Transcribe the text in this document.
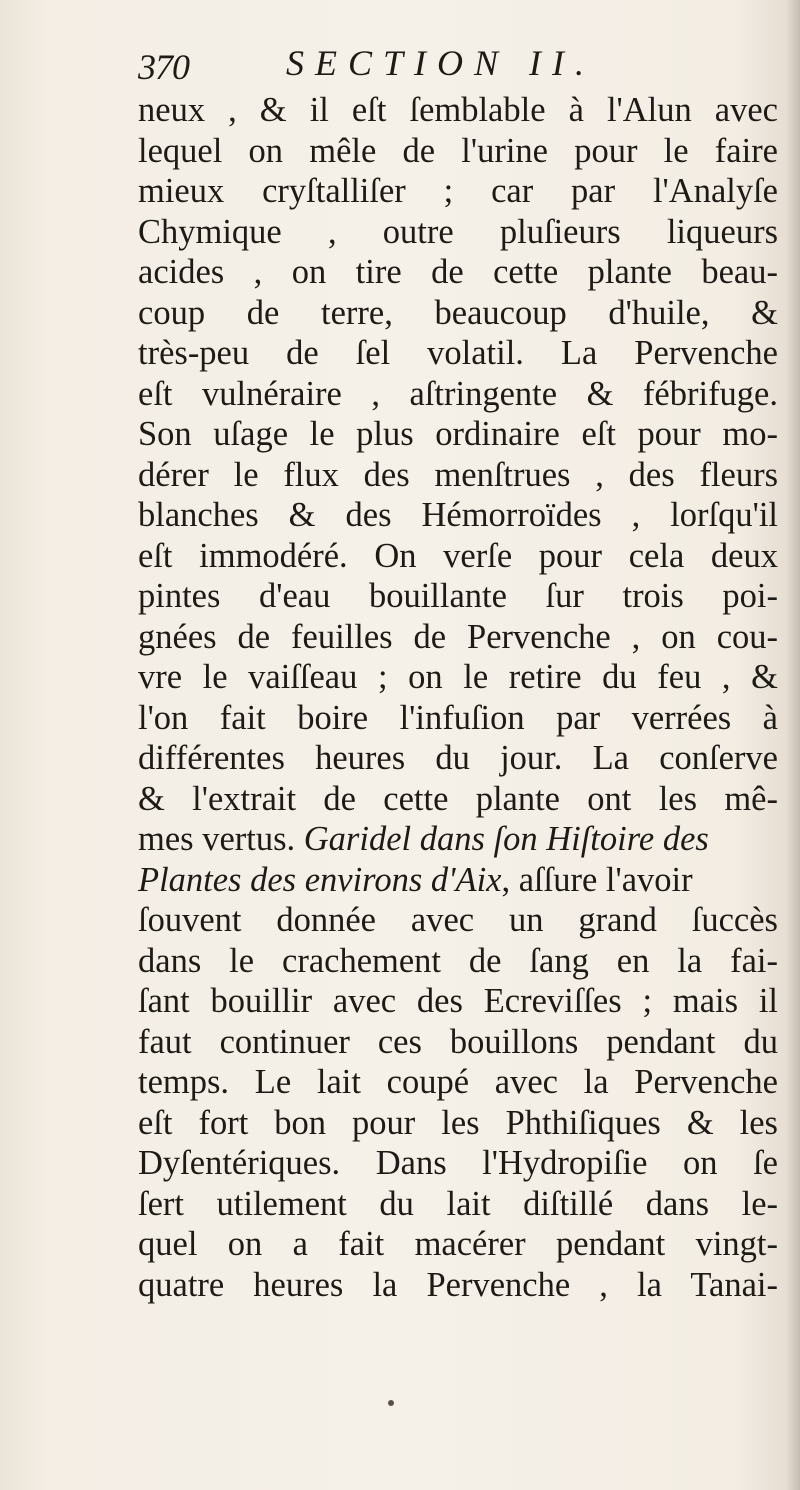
370	SECTION II.
neux , & il eſt ſemblable à l'Alun avec
lequel on mêle de l'urine pour le faire
mieux cryſtalliſer ; car par l'Analyſe
Chymique , outre pluſieurs liqueurs
acides , on tire de cette plante beau-
coup de terre, beaucoup d'huile, &
très-peu de ſel volatil. La Pervenche
eſt vulnéraire , aſtringente & fébrifuge.
Son uſage le plus ordinaire eſt pour mo-
dérer le flux des menſtrues , des fleurs
blanches & des Hémorroïdes , lorſqu'il
eſt immodéré. On verſe pour cela deux
pintes d'eau bouillante ſur trois poi-
gnées de feuilles de Pervenche , on cou-
vre le vaiſſeau ; on le retire du feu , &
l'on fait boire l'infuſion par verrées à
différentes heures du jour. La conſerve
& l'extrait de cette plante ont les mê-
mes vertus. Garidel dans ſon Hiſtoire des
Plantes des environs d'Aix, aſſure l'avoir
ſouvent donnée avec un grand ſuccès
dans le crachement de ſang en la fai-
ſant bouillir avec des Ecreviſſes ; mais il
faut continuer ces bouillons pendant du
temps. Le lait coupé avec la Pervenche
eſt fort bon pour les Phthiſiques & les
Dyſentériques. Dans l'Hydropiſie on ſe
ſert utilement du lait diſtillé dans le-
quel on a fait macérer pendant vingt-
quatre heures la Pervenche , la Tanai-
